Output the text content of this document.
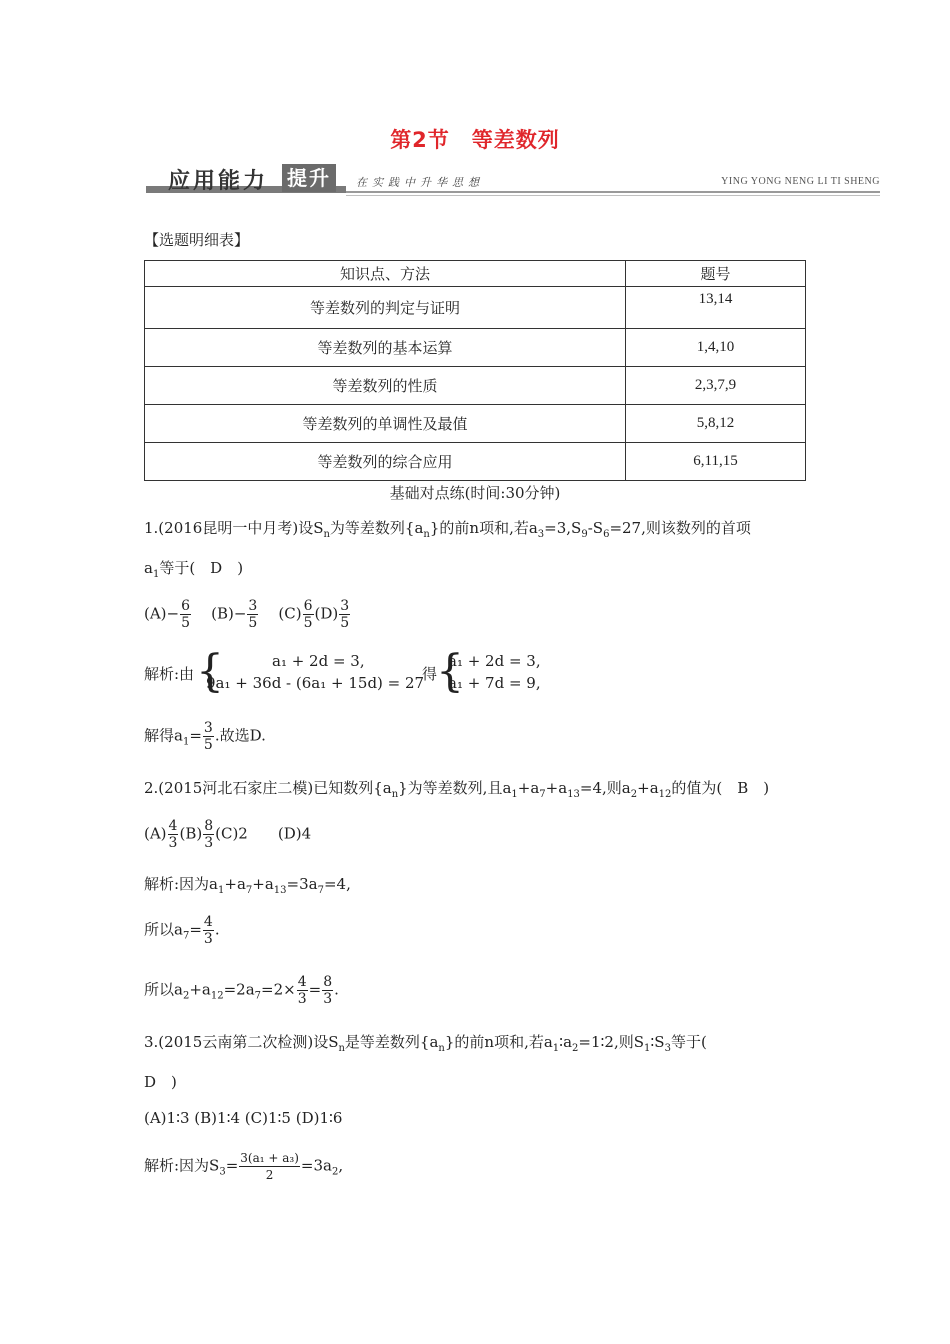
第2节　等差数列
应用能力 提升	在实践中升华思想	YING YONG NENG LI TI SHENG
【选题明细表】
知识点、方法	题号
等差数列的判定与证明	13,14
等差数列的基本运算	1,4,10
等差数列的性质	2,3,7,9
等差数列的单调性及最值	5,8,12
等差数列的综合应用	6,11,15
基础对点练(时间:30分钟)
1.(2016昆明一中月考)设$S_n$为等差数列$\{a_n\}$的前n项和,若$a_3=3,S_9-S_6=27$,则该数列的首项
$a_1$等于(　D　)
$(A)- \frac{6}{5} (B)- \frac{3}{5} (C) \frac{6}{5} (D) \frac{3}{5}$
解析:由 {	a₁ + 2d = 3,
9a₁ + 36d - (6a₁ + 15d) = 27
得
{
a₁ + 2d = 3,
a₁ + 7d = 9,
解得$a_1= \frac{3}{5}$ .故选D.
2.(2015河北石家庄二模)已知数列$\{a_n\}$为等差数列,且$a_1+a_7+a_{13}=4$,则$a_2+a_{12}$的值为(　B　)
$(A) \frac{4}{3} (B) \frac{8}{3} (C)2$　　(D)4
解析:因为$a_1+a_7+a_{13}=3a_7=4$,
所以$a_7= \frac{4}{3}$ .
所以$a_2+a_{12}=2a_7=2\times \frac{4}{3} = \frac{8}{3}$ .
3.(2015云南第二次检测)设$S_n$是等差数列$\{a_n\}$的前n项和,若$a_1∶a_2=1∶2$,则$S_1∶S_3$等于(
D　)
(A)1∶3 (B)1∶4 (C)1∶5 (D)1∶6
解析:因为$S_3= \frac{\text{3(a₁ + a₃)}}{2} =3a_2$,
